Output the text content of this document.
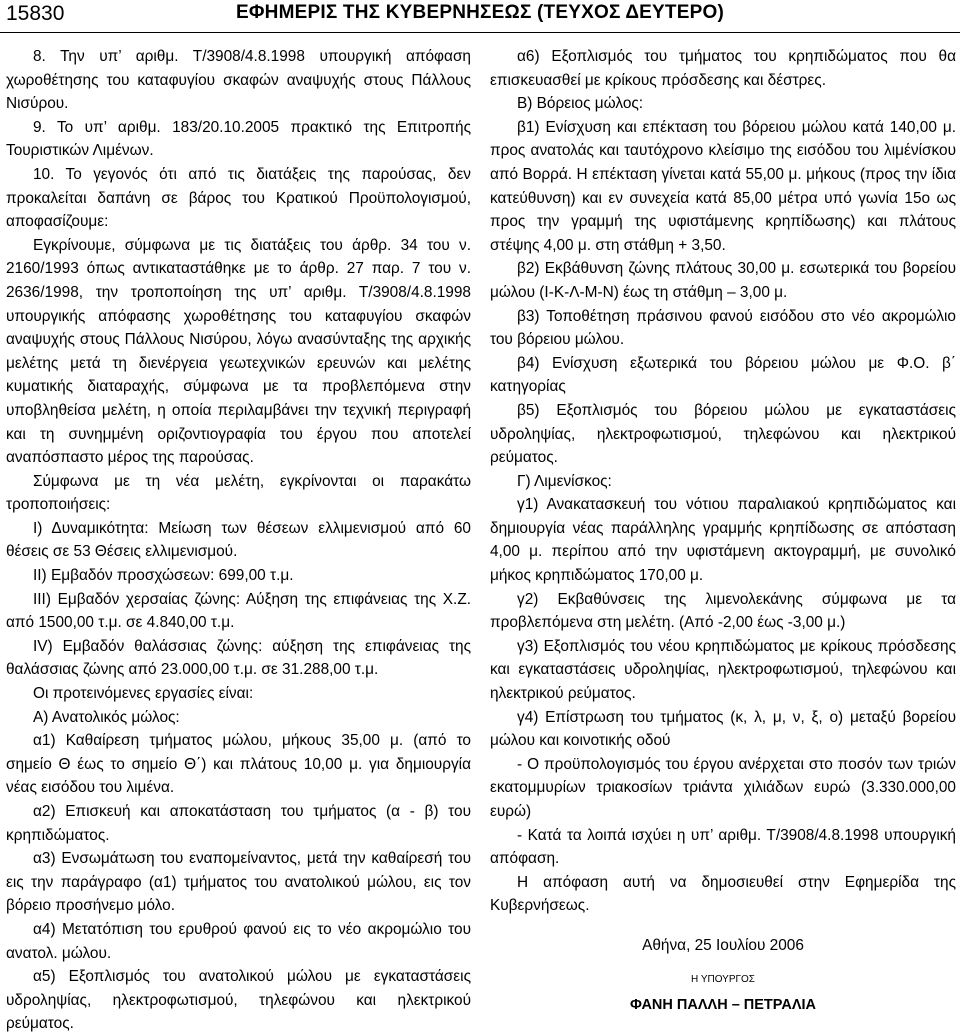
15830	ΕΦΗΜΕΡΙΣ ΤΗΣ ΚΥΒΕΡΝΗΣΕΩΣ (ΤΕΥΧΟΣ ΔΕΥΤΕΡΟ)

8. Την υπ’ αριθμ. Τ/3908/4.8.1998 υπουργική απόφαση χωροθέτησης του καταφυγίου σκαφών αναψυχής στους Πάλλους Νισύρου.

9. Το υπ’ αριθμ. 183/20.10.2005 πρακτικό της Επιτροπής Τουριστικών Λιμένων.

10. Το γεγονός ότι από τις διατάξεις της παρούσας, δεν προκαλείται δαπάνη σε βάρος του Κρατικού Προϋπολογισμού, αποφασίζουμε:

Εγκρίνουμε, σύμφωνα με τις διατάξεις του άρθρ. 34 του ν. 2160/1993 όπως αντικαταστάθηκε με το άρθρ. 27 παρ. 7 του ν. 2636/1998, την τροποποίηση της υπ’ αριθμ. Τ/3908/4.8.1998 υπουργικής απόφασης χωροθέτησης του καταφυγίου σκαφών αναψυχής στους Πάλλους Νισύρου, λόγω ανασύνταξης της αρχικής μελέτης μετά τη διενέργεια γεωτεχνικών ερευνών και μελέτης κυματικής διαταραχής, σύμφωνα με τα προβλεπόμενα στην υποβληθείσα μελέτη, η οποία περιλαμβάνει την τεχνική περιγραφή και τη συνημμένη οριζοντιογραφία του έργου που αποτελεί αναπόσπαστο μέρος της παρούσας.

Σύμφωνα με τη νέα μελέτη, εγκρίνονται οι παρακάτω τροποποιήσεις:

Ι) Δυναμικότητα: Μείωση των θέσεων ελλιμενισμού από 60 θέσεις σε 53 Θέσεις ελλιμενισμού.

ΙΙ) Εμβαδόν προσχώσεων: 699,00 τ.μ.

ΙΙΙ) Εμβαδόν χερσαίας ζώνης: Αύξηση της επιφάνειας της Χ.Ζ. από 1500,00 τ.μ. σε 4.840,00 τ.μ.

ΙV) Εμβαδόν θαλάσσιας ζώνης: αύξηση της επιφάνειας της θαλάσσιας ζώνης από 23.000,00 τ.μ. σε 31.288,00 τ.μ.

Οι προτεινόμενες εργασίες είναι:

Α) Ανατολικός μώλος:

α1) Καθαίρεση τμήματος μώλου, μήκους 35,00 μ. (από το σημείο Θ έως το σημείο Θ΄) και πλάτους 10,00 μ. για δημιουργία νέας εισόδου του λιμένα.

α2) Επισκευή και αποκατάσταση του τμήματος (α - β) του κρηπιδώματος.

α3) Ενσωμάτωση του εναπομείναντος, μετά την καθαίρεσή του εις την παράγραφο (α1) τμήματος του ανατολικού μώλου, εις τον βόρειο προσήνεμο μόλο.

α4) Μετατόπιση του ερυθρού φανού εις το νέο ακρομώλιο του ανατολ. μώλου.

α5) Εξοπλισμός του ανατολικού μώλου με εγκαταστάσεις υδροληψίας, ηλεκτροφωτισμού, τηλεφώνου και ηλεκτρικού ρεύματος.

α6) Εξοπλισμός του τμήματος του κρηπιδώματος που θα επισκευασθεί με κρίκους πρόσδεσης και δέστρες.

Β) Βόρειος μώλος:

β1) Ενίσχυση και επέκταση του βόρειου μώλου κατά 140,00 μ. προς ανατολάς και ταυτόχρονο κλείσιμο της εισόδου του λιμένίσκου από Βορρά. Η επέκταση γίνεται κατά 55,00 μ. μήκους (προς την ίδια κατεύθυνση) και εν συνεχεία κατά 85,00 μέτρα υπό γωνία 15ο ως προς την γραμμή της υφιστάμενης κρηπίδωσης) και πλάτους στέψης 4,00 μ. στη στάθμη + 3,50.

β2) Εκβάθυνση ζώνης πλάτους 30,00 μ. εσωτερικά του βορείου μώλου (Ι-Κ-Λ-Μ-Ν) έως τη στάθμη – 3,00 μ.

β3) Τοποθέτηση πράσινου φανού εισόδου στο νέο ακρομώλιο του βόρειου μώλου.

β4) Ενίσχυση εξωτερικά του βόρειου μώλου με Φ.Ο. β΄ κατηγορίας

β5) Εξοπλισμός του βόρειου μώλου με εγκαταστάσεις υδροληψίας, ηλεκτροφωτισμού, τηλεφώνου και ηλεκτρικού ρεύματος.

Γ) Λιμενίσκος:

γ1) Ανακατασκευή του νότιου παραλιακού κρηπιδώματος και δημιουργία νέας παράλληλης γραμμής κρηπίδωσης σε απόσταση 4,00 μ. περίπου από την υφιστάμενη ακτογραμμή, με συνολικό μήκος κρηπιδώματος 170,00 μ.

γ2) Εκβαθύνσεις της λιμενολεκάνης σύμφωνα με τα προβλεπόμενα στη μελέτη. (Από -2,00 έως -3,00 μ.)

γ3) Εξοπλισμός του νέου κρηπιδώματος με κρίκους πρόσδεσης και εγκαταστάσεις υδροληψίας, ηλεκτροφωτισμού, τηλεφώνου και ηλεκτρικού ρεύματος.

γ4) Επίστρωση του τμήματος (κ, λ, μ, ν, ξ, ο) μεταξύ βορείου μώλου και κοινοτικής οδού

- Ο προϋπολογισμός του έργου ανέρχεται στο ποσόν των τριών εκατομμυρίων τριακοσίων τριάντα χιλιάδων ευρώ (3.330.000,00 ευρώ)

- Κατά τα λοιπά ισχύει η υπ’ αριθμ. Τ/3908/4.8.1998 υπουργική απόφαση.

Η απόφαση αυτή να δημοσιευθεί στην Εφημερίδα της Κυβερνήσεως.

Αθήνα, 25 Ιουλίου 2006

Η ΥΠΟΥΡΓΟΣ

ΦΑΝΗ ΠΑΛΛΗ – ΠΕΤΡΑΛΙΑ
